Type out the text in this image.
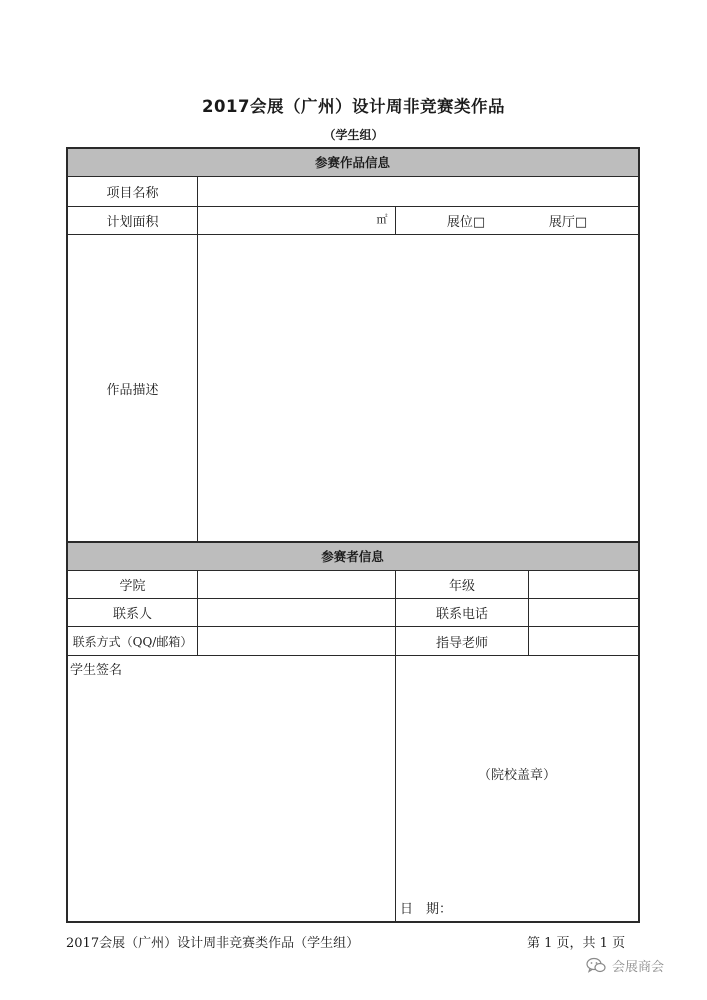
2017会展（广州）设计周非竞赛类作品
（学生组）
参赛作品信息
项目名称
计划面积	㎡	展位□	展厅□
作品描述
参赛者信息
学院	年级
联系人	联系电话
联系方式（QQ/邮箱）	指导老师
学生签名
（院校盖章）
日　期：
2017会展（广州）设计周非竞赛类作品（学生组）	第 1 页，共 1 页
会展商会
